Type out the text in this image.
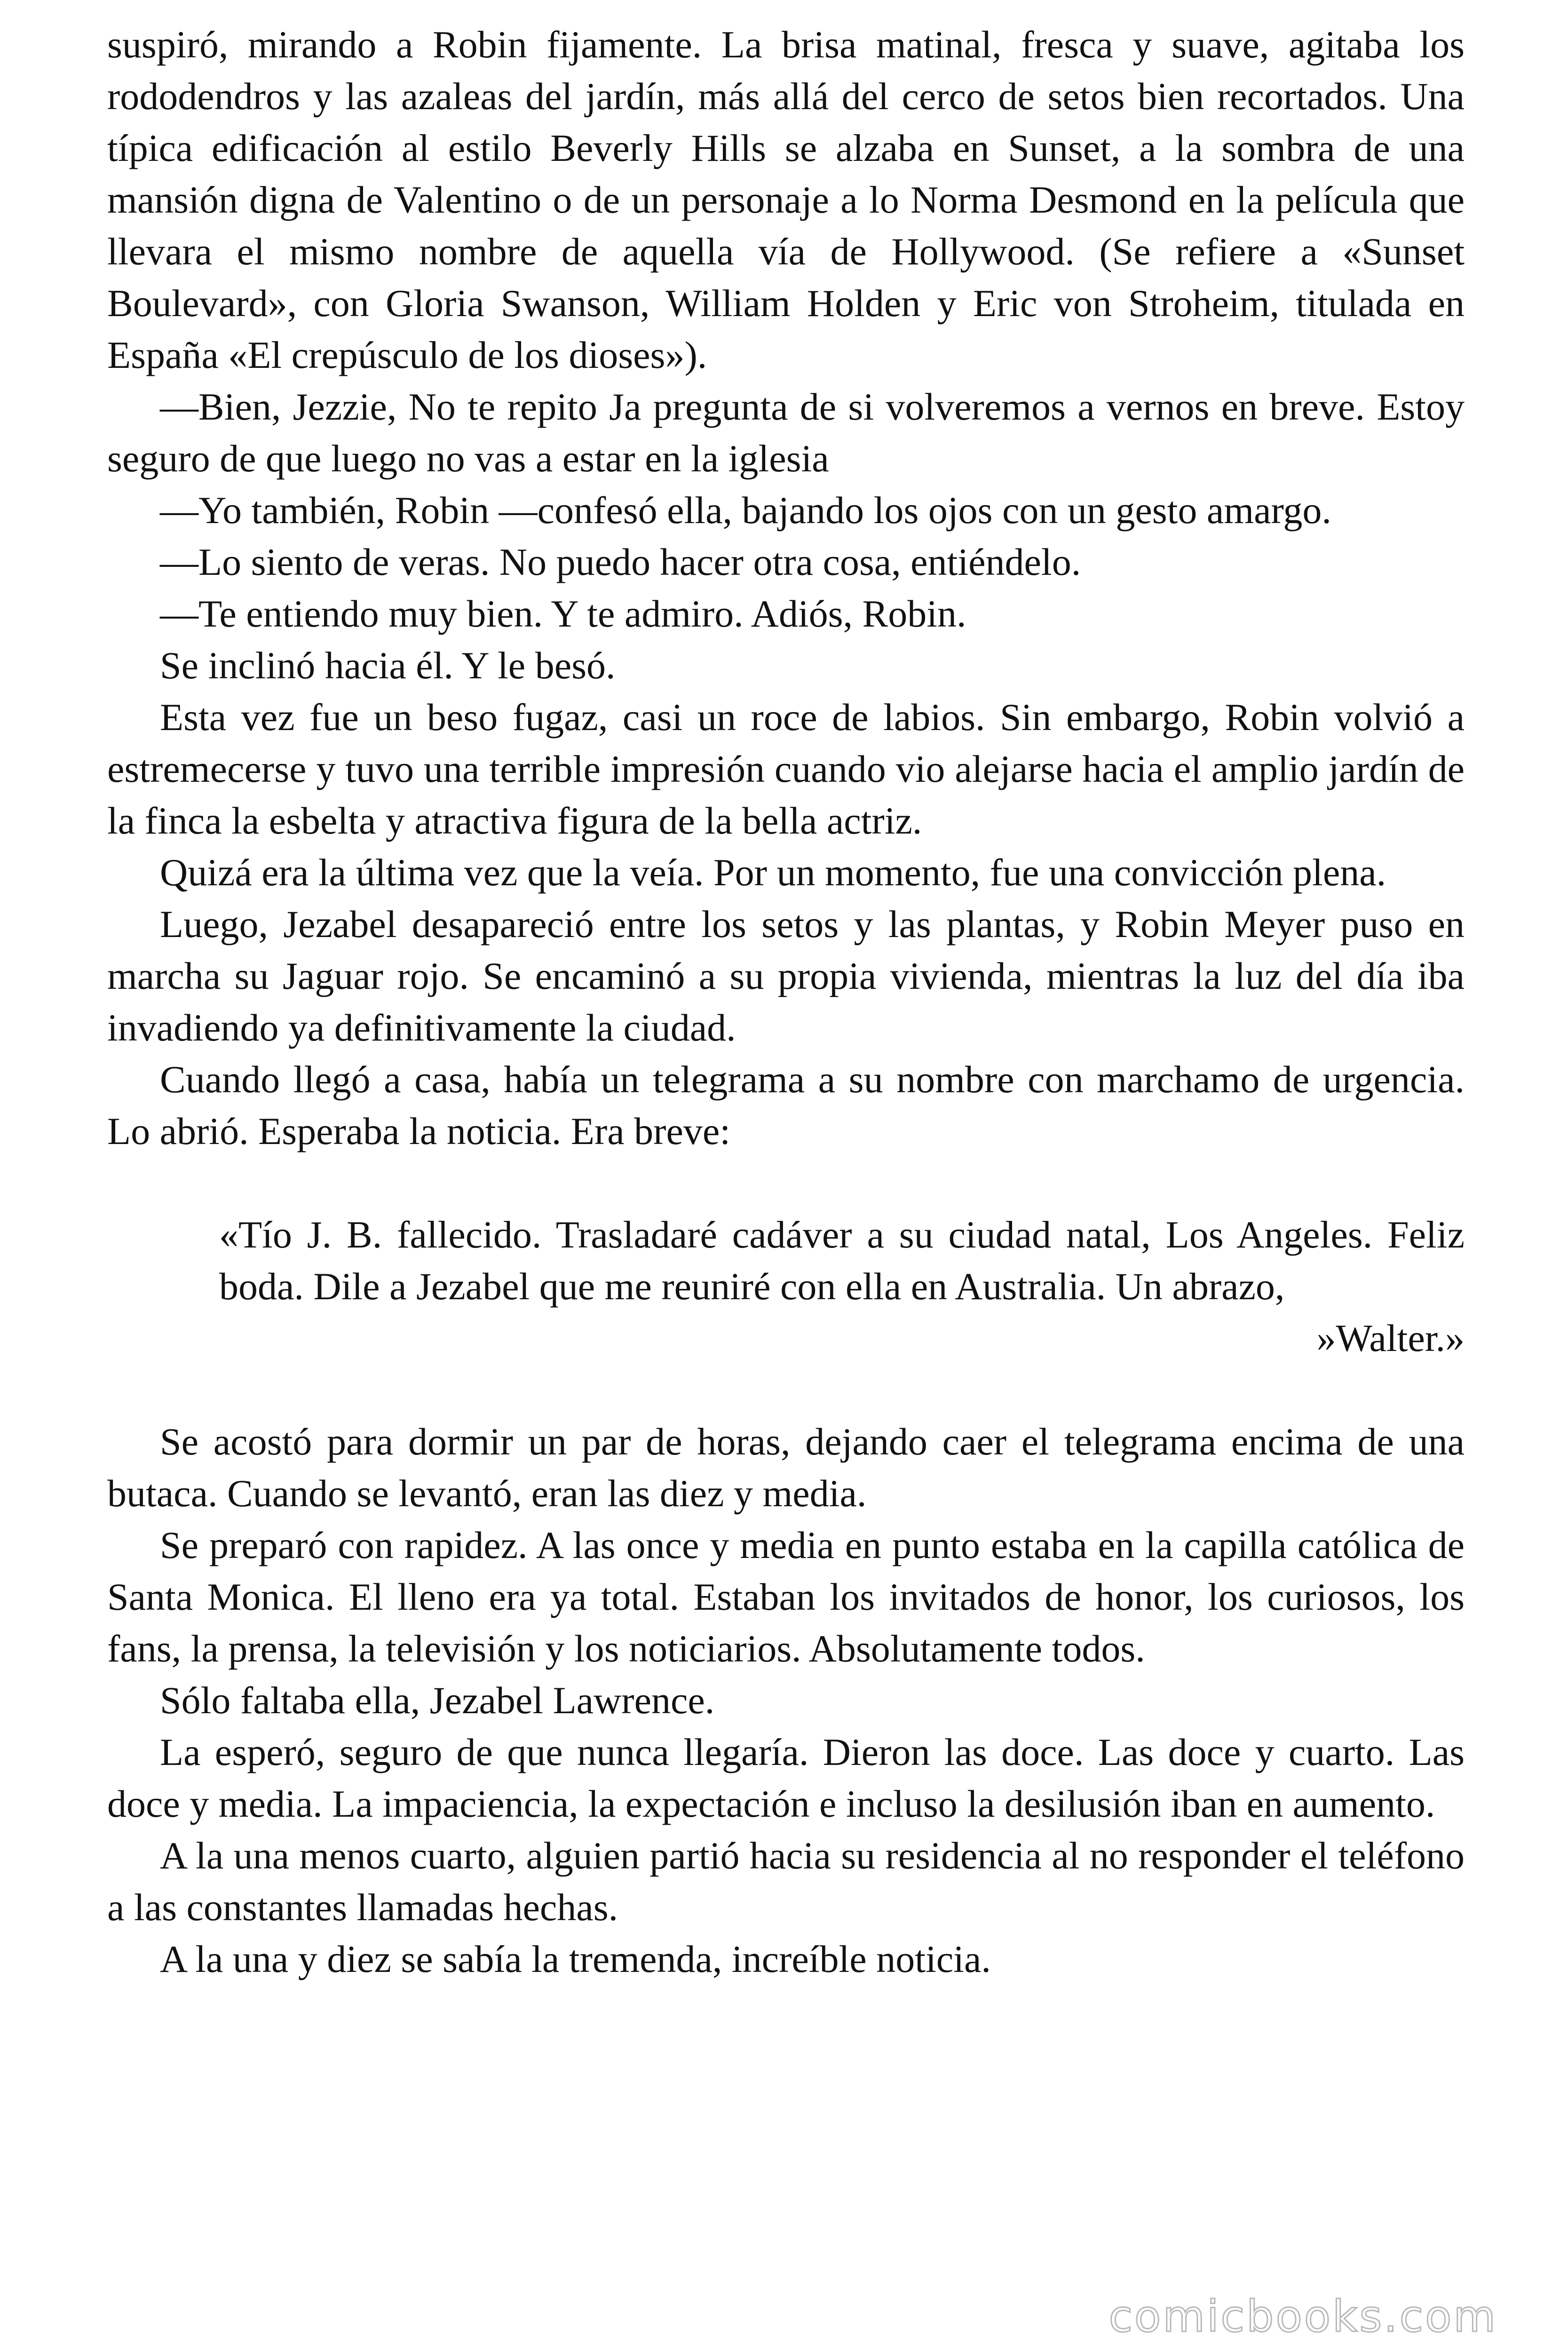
suspiró, mirando a Robin fijamente. La brisa matinal, fresca y suave, agitaba los rododendros y las azaleas del jardín, más allá del cerco de setos bien recortados. Una típica edificación al estilo Beverly Hills se alzaba en Sunset, a la sombra de una mansión digna de Valentino o de un personaje a lo Norma Desmond en la película que llevara el mismo nombre de aquella vía de Hollywood. (Se refiere a «Sunset Boulevard», con Gloria Swanson, William Holden y Eric von Stroheim, titulada en España «El crepúsculo de los dioses»).

—Bien, Jezzie, No te repito Ja pregunta de si volveremos a vernos en breve. Estoy seguro de que luego no vas a estar en la iglesia

—Yo también, Robin —confesó ella, bajando los ojos con un gesto amargo.

—Lo siento de veras. No puedo hacer otra cosa, entiéndelo.

—Te entiendo muy bien. Y te admiro. Adiós, Robin.

Se inclinó hacia él. Y le besó.

Esta vez fue un beso fugaz, casi un roce de labios. Sin embargo, Robin volvió a estremecerse y tuvo una terrible impresión cuando vio alejarse hacia el amplio jardín de la finca la esbelta y atractiva figura de la bella actriz.

Quizá era la última vez que la veía. Por un momento, fue una convicción plena.

Luego, Jezabel desapareció entre los setos y las plantas, y Robin Meyer puso en marcha su Jaguar rojo. Se encaminó a su propia vivienda, mientras la luz del día iba invadiendo ya definitivamente la ciudad.

Cuando llegó a casa, había un telegrama a su nombre con marchamo de urgencia. Lo abrió. Esperaba la noticia. Era breve:

«Tío J. B. fallecido. Trasladaré cadáver a su ciudad natal, Los Angeles. Feliz boda. Dile a Jezabel que me reuniré con ella en Australia. Un abrazo,

»Walter.»

Se acostó para dormir un par de horas, dejando caer el telegrama encima de una butaca. Cuando se levantó, eran las diez y media.

Se preparó con rapidez. A las once y media en punto estaba en la capilla católica de Santa Monica. El lleno era ya total. Estaban los invitados de honor, los curiosos, los fans, la prensa, la televisión y los noticiarios. Absolutamente todos.

Sólo faltaba ella, Jezabel Lawrence.

La esperó, seguro de que nunca llegaría. Dieron las doce. Las doce y cuarto. Las doce y media. La impaciencia, la expectación e incluso la desilusión iban en aumento.

A la una menos cuarto, alguien partió hacia su residencia al no responder el teléfono a las constantes llamadas hechas.

A la una y diez se sabía la tremenda, increíble noticia.

comicbooks.com
